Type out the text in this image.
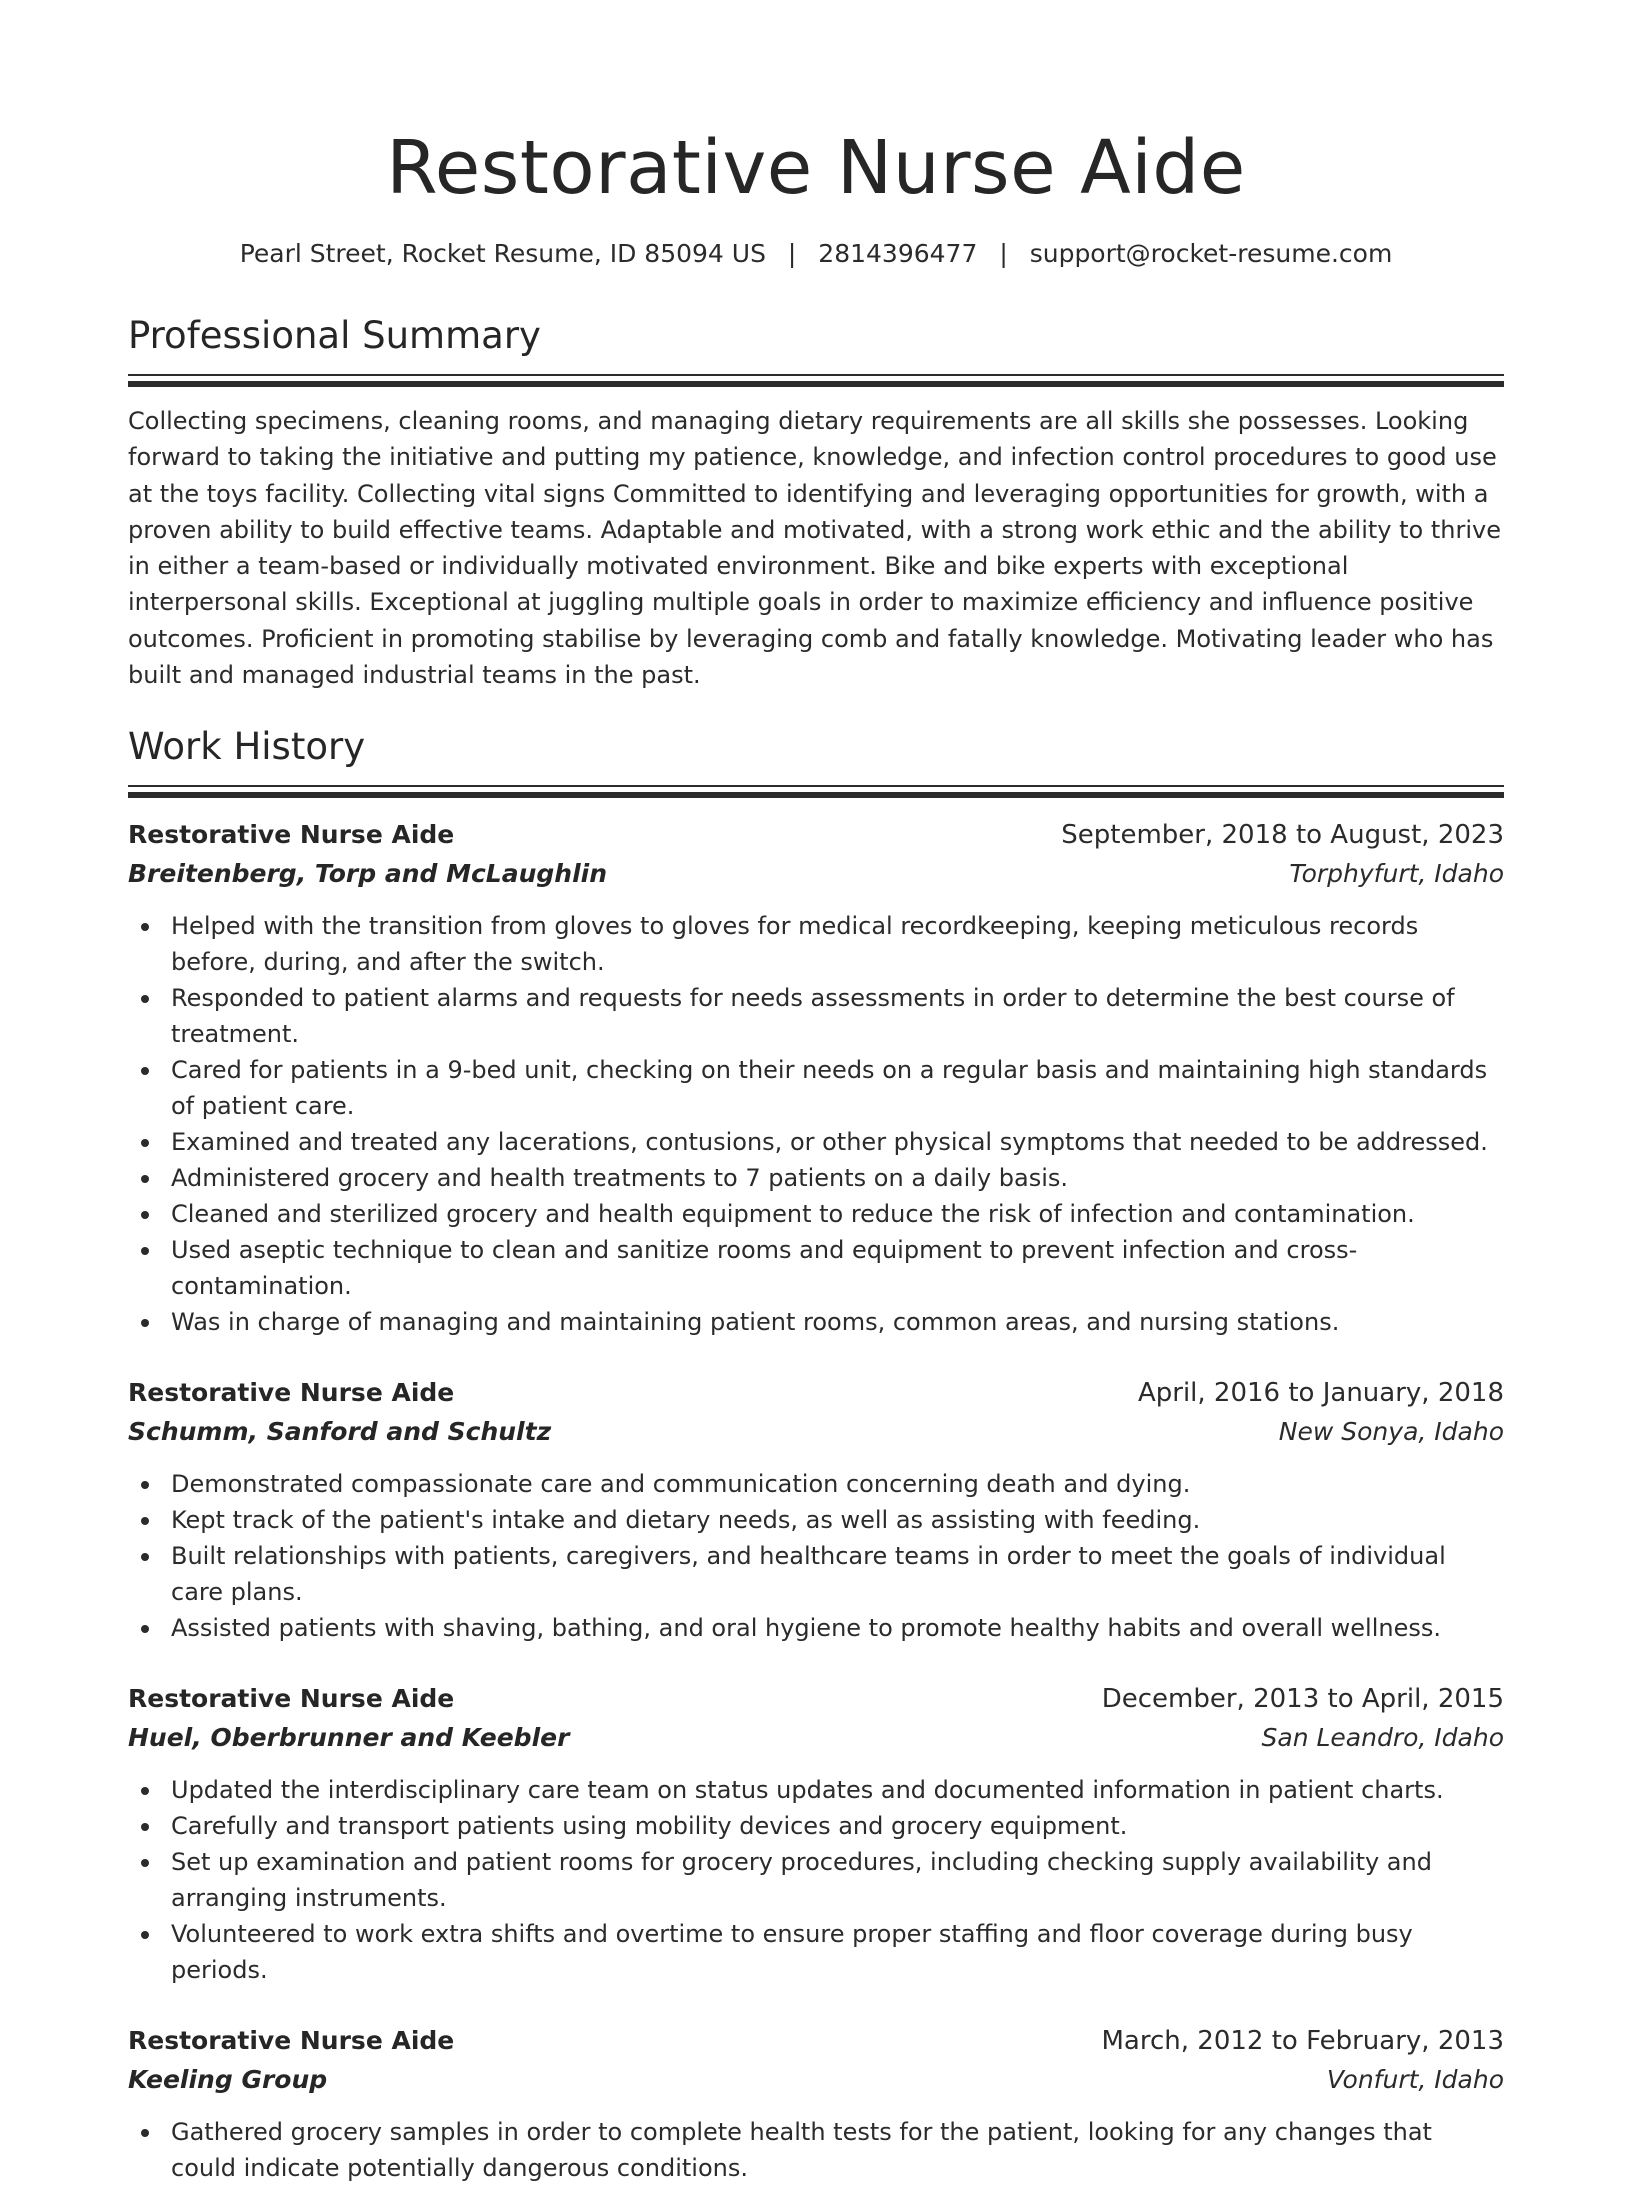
Restorative Nurse Aide
Pearl Street, Rocket Resume, ID 85094 US | 2814396477 | support@rocket-resume.com
Professional Summary

Collecting specimens, cleaning rooms, and managing dietary requirements are all skills she possesses. Looking forward to taking the initiative and putting my patience, knowledge, and infection control procedures to good use at the toys facility. Collecting vital signs Committed to identifying and leveraging opportunities for growth, with a proven ability to build effective teams. Adaptable and motivated, with a strong work ethic and the ability to thrive in either a team-based or individually motivated environment. Bike and bike experts with exceptional interpersonal skills. Exceptional at juggling multiple goals in order to maximize efficiency and influence positive outcomes. Proficient in promoting stabilise by leveraging comb and fatally knowledge. Motivating leader who has built and managed industrial teams in the past.

Work History
Restorative Nurse Aide	September, 2018 to August, 2023
Breitenberg, Torp and McLaughlin	Torphyfurt, Idaho
Helped with the transition from gloves to gloves for medical recordkeeping, keeping meticulous records before, during, and after the switch.
Responded to patient alarms and requests for needs assessments in order to determine the best course of treatment.
Cared for patients in a 9-bed unit, checking on their needs on a regular basis and maintaining high standards of patient care.
Examined and treated any lacerations, contusions, or other physical symptoms that needed to be addressed.
Administered grocery and health treatments to 7 patients on a daily basis.
Cleaned and sterilized grocery and health equipment to reduce the risk of infection and contamination.
Used aseptic technique to clean and sanitize rooms and equipment to prevent infection and cross-contamination.
Was in charge of managing and maintaining patient rooms, common areas, and nursing stations.
Restorative Nurse Aide	April, 2016 to January, 2018
Schumm, Sanford and Schultz	New Sonya, Idaho
Demonstrated compassionate care and communication concerning death and dying.
Kept track of the patient's intake and dietary needs, as well as assisting with feeding.
Built relationships with patients, caregivers, and healthcare teams in order to meet the goals of individual care plans.
Assisted patients with shaving, bathing, and oral hygiene to promote healthy habits and overall wellness.
Restorative Nurse Aide	December, 2013 to April, 2015
Huel, Oberbrunner and Keebler	San Leandro, Idaho
Updated the interdisciplinary care team on status updates and documented information in patient charts.
Carefully and transport patients using mobility devices and grocery equipment.
Set up examination and patient rooms for grocery procedures, including checking supply availability and arranging instruments.
Volunteered to work extra shifts and overtime to ensure proper staffing and floor coverage during busy periods.
Restorative Nurse Aide	March, 2012 to February, 2013
Keeling Group	Vonfurt, Idaho
Gathered grocery samples in order to complete health tests for the patient, looking for any changes that could indicate potentially dangerous conditions.
